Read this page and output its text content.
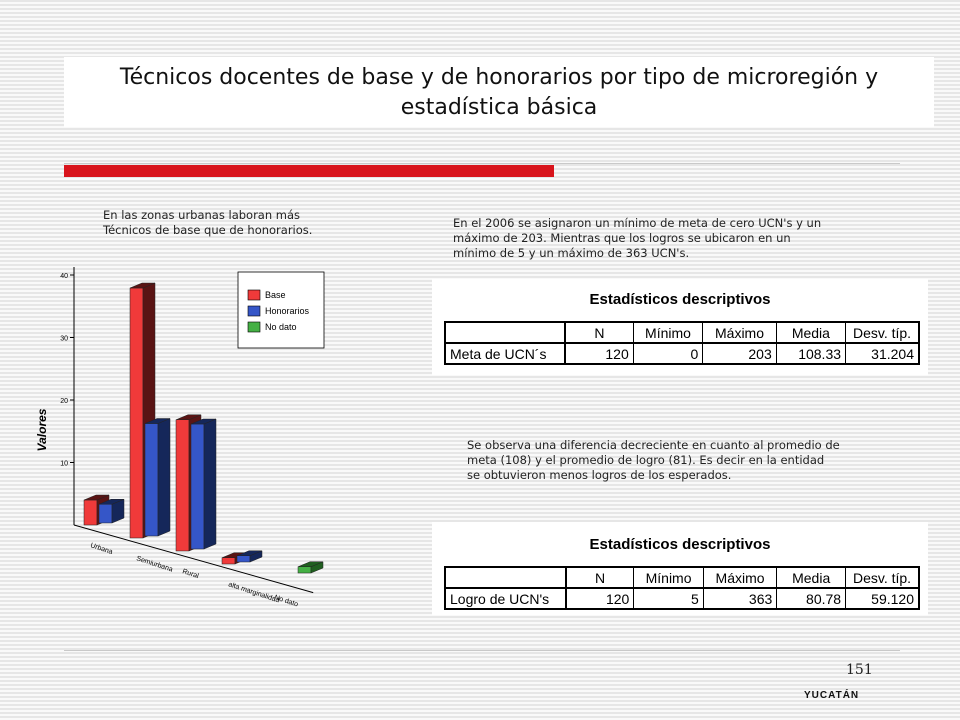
Técnicos docentes de base y de honorarios por tipo de microregión y
estadística básica
En las zonas urbanas laboran más
Técnicos de base que de honorarios.	En el 2006 se asignaron un mínimo de meta de cero UCN's y un
máximo de 203. Mientras que los logros se ubicaron en un
mínimo de 5 y un máximo de 363 UCN's.
10
20
30
40
Valores
Urbana
Semiurbana
Rural
alta marginalidad
No dato
Base
Honorarios
No dato
Estadísticos descriptivos
	N	Mínimo	Máximo	Media	Desv. típ.
Meta de UCN´s	120	0	203	108.33	31.204
Se observa una diferencia decreciente en cuanto al promedio de
meta (108) y el promedio de logro (81). Es decir en la entidad
se obtuvieron menos logros de los esperados.
Estadísticos descriptivos
	N	Mínimo	Máximo	Media	Desv. típ.
Logro de UCN's	120	5	363	80.78	59.120
151
YUCATÁN
